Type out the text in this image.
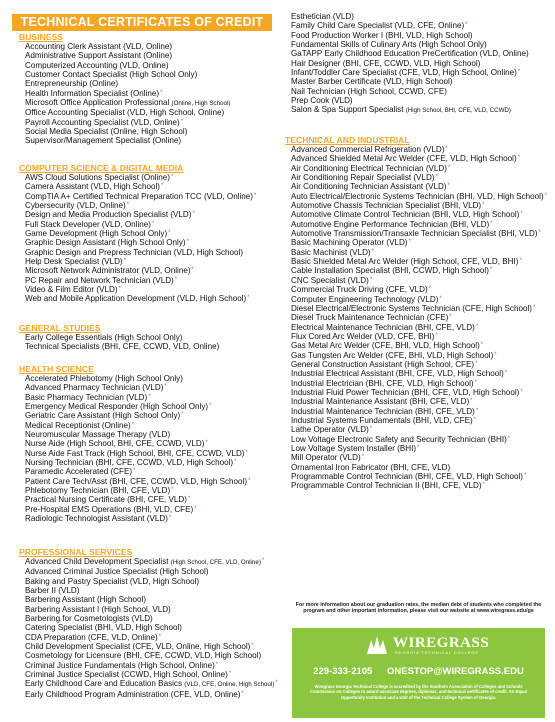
TECHNICAL CERTIFICATES OF CREDIT
BUSINESS
Accounting Clerk Assistant (VLD, Online)
Administrative Support Assistant (Online)
Computerized Accounting (VLD, Online)
Customer Contact Specialist (High School Only)
Entrepreneurship (Online)
Health Information Specialist (Online)*
Microsoft Office Application Professional (Online, High School)
Office Accounting Specialist (VLD, High School, Online)
Payroll Accounting Specialist (VLD, Online)*
Social Media Specialist (Online, High School)
Supervisor/Management Specialist (Online)
COMPUTER SCIENCE & DIGITAL MEDIA
AWS Cloud Solutions Specialist (Online)*
Camera Assistant (VLD, High School)*
CompTIA A+ Certified Technical Preparation TCC (VLD, Online)*
Cybersecurity (VLD, Online)*
Design and Media Production Specialist (VLD)*
Full Stack Developer (VLD, Online)*
Game Development (High School Only)*
Graphic Design Assistant (High School Only)*
Graphic Design and Prepress Technician (VLD, High School)
Help Desk Specialist (VLD)*
Microsoft Network Administrator (VLD, Online)*
PC Repair and Network Technician (VLD)*
Video & Film Editor (VLD)*
Web and Mobile Application Development (VLD, High School)*
GENERAL STUDIES
Early College Essentials (High School Only)
Technical Specialists (BHI, CFE, CCWD, VLD, Online)
HEALTH SCIENCE
Accelerated Phlebotomy (High School Only)
Advanced Pharmacy Technician (VLD)*
Basic Pharmacy Technician (VLD)*
Emergency Medical Responder (High School Only)*
Geriatric Care Assistant (High School Only)*
Medical Receptionist (Online)*
Neuromuscular Massage Therapy (VLD)
Nurse Aide (High School, BHI, CFE, CCWD, VLD)*
Nurse Aide Fast Track (High School, BHI, CFE, CCWD, VLD)*
Nursing Technician (BHI, CFE, CCWD, VLD, High School)*
Paramedic Accelerated (CFE)*
Patient Care Tech/Asst (BHI, CFE, CCWD, VLD, High School)*
Phlebotomy Technician (BHI, CFE, VLD)*
Practical Nursing Certificate (BHI, CFE, VLD)*
Pre-Hospital EMS Operations (BHI, VLD, CFE)*
Radiologic Technologist Assistant (VLD)*
PROFESSIONAL SERVICES
Advanced Child Development Specialist (High School, CFE, VLD, Online)*
Advanced Criminal Justice Specialist (High School)
Baking and Pastry Specialist (VLD, High School)
Barber II (VLD)
Barbering Assistant (High School)
Barbering Assistant I (High School, VLD)
Barbering for Cosmetologists (VLD)
Catering Specialist (BHI, VLD, High School)
CDA Preparation (CFE, VLD, Online)*
Child Development Specialist (CFE, VLD, Online, High School)*
Cosmetology for Licensure (BHI, CFE, CCWD, VLD, High School)
Criminal Justice Fundamentals (High School, Online)*
Criminal Justice Specialist (CCWD, High School, Online)*
Early Childhood Care and Education Basics (VLD, CFE, Online, High School)*
Early Childhood Program Administration (CFE, VLD, Online)*
Esthetician (VLD)
Family Child Care Specialist (VLD, CFE, Online)*
Food Production Worker I (BHI, VLD, High School)
Fundamental Skills of Culinary Arts (High School Only)
GaTAPP Early Childhood Education PreCertification (VLD, Online)
Hair Designer (BHI, CFE, CCWD, VLD, High School)
Infant/Toddler Care Specialist (CFE, VLD, High School, Online)*
Master Barber Certificate (VLD, High School)
Nail Technician (High School, CCWD, CFE)
Prep Cook (VLD)
Salon & Spa Support Specialist (High School, BHI, CFE, VLD, CCWD)
TECHNICAL AND INDUSTRIAL
Advanced Commercial Refrigeration (VLD)*
Advanced Shielded Metal Arc Welder (CFE, VLD, High School)*
Air Conditioning Electrical Technician (VLD)*
Air Conditioning Repair Specialist (VLD)*
Air Conditioning Technician Assistant (VLD)*
Auto Electrical/Electronic Systems Technician (BHI, VLD, High School)*
Automotive Chassis Technician Specialist (BHI, VLD)*
Automotive Climate Control Technician (BHI, VLD, High School)*
Automotive Engine Performance Technician (BHI, VLD)*
Automotive Transmission/Transaxle Technician Specialist (BHI, VLD)*
Basic Machining Operator (VLD)*
Basic Machinist (VLD)*
Basic Shielded Metal Arc Welder (High School, CFE, VLD, BHI)*
Cable Installation Specialist (BHI, CCWD, High School)*
CNC Specialist (VLD)*
Commercial Truck Driving (CFE, VLD)*
Computer Engineering Technology (VLD)*
Diesel Electrical/Electronic Systems Technician (CFE, High School)*
Diesel Truck Maintenance Technician (CFE)*
Electrical Maintenance Technician (BHI, CFE, VLD)*
Flux Cored Arc Welder (VLD, CFE, BHI)*
Gas Metal Arc Welder (CFE, BHI, VLD, High School)*
Gas Tungsten Arc Welder (CFE, BHI, VLD, High School)*
General Construction Assistant (High School, CFE)*
Industrial Electrical Assistant (BHI, CFE, VLD, High School)*
Industrial Electrician (BHI, CFE, VLD, High School)*
Industrial Fluid Power Technician (BHI, CFE, VLD, High School)*
Industrial Maintenance Assistant (BHI, CFE, VLD)*
Industrial Maintenance Technician (BHI, CFE, VLD)*
Industrial Systems Fundamentals (BHI, VLD, CFE)*
Lathe Operator (VLD)*
Low Voltage Electronic Safety and Security Technician (BHI)*
Low Voltage System Installer (BHI)*
Mill Operator (VLD)*
Ornamental Iron Fabricator (BHI, CFE, VLD)
Programmable Control Technician (BHI, CFE, VLD, High School)*
Programmable Control Technician II (BHI, CFE, VLD)*
For more information about our graduation rates, the median debt of students who completed the program and other important information, please visit our website at www.wiregrass.edu/ge
WIREGRASS
GEORGIA TECHNICAL COLLEGE
229-333-2105 ONESTOP@WIREGRASS.EDU
Wiregrass Georgia Technical College is accredited by the Southern Association of Colleges and Schools Commission on Colleges to award associate degrees, diplomas, and technical certificates of credit. An Equal Opportunity Institution and a Unit of the Technical College System of Georgia.
